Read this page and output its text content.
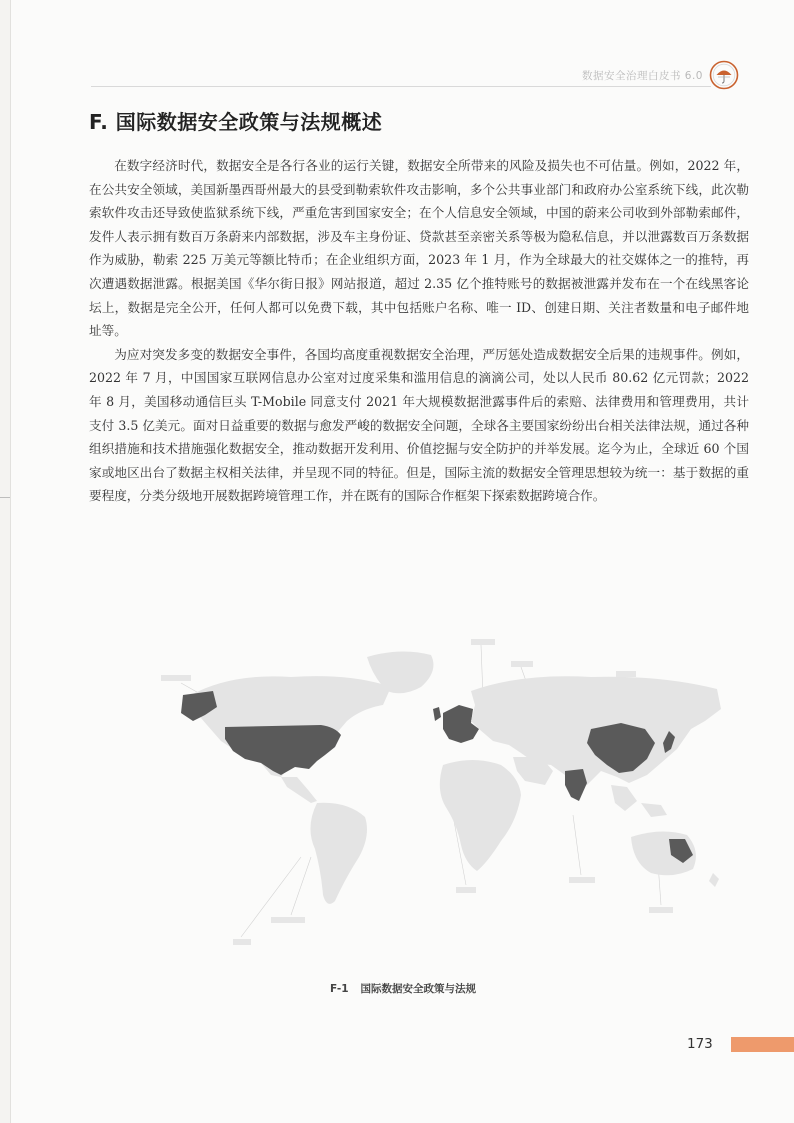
数据安全治理白皮书 6.0
F. 国际数据安全政策与法规概述

在数字经济时代，数据安全是各行各业的运行关键，数据安全所带来的风险及损失也不可估量。例如，2022 年，在公共安全领域，美国新墨西哥州最大的县受到勒索软件攻击影响，多个公共事业部门和政府办公室系统下线，此次勒索软件攻击还导致使监狱系统下线，严重危害到国家安全；在个人信息安全领域，中国的蔚来公司收到外部勒索邮件，发件人表示拥有数百万条蔚来内部数据，涉及车主身份证、贷款甚至亲密关系等极为隐私信息，并以泄露数百万条数据作为威胁，勒索 225 万美元等额比特币；在企业组织方面，2023 年 1 月，作为全球最大的社交媒体之一的推特，再次遭遇数据泄露。根据美国《华尔街日报》网站报道，超过 2.35 亿个推特账号的数据被泄露并发布在一个在线黑客论坛上，数据是完全公开，任何人都可以免费下载，其中包括账户名称、唯一 ID、创建日期、关注者数量和电子邮件地址等。

为应对突发多变的数据安全事件，各国均高度重视数据安全治理，严厉惩处造成数据安全后果的违规事件。例如，2022 年 7 月，中国国家互联网信息办公室对过度采集和滥用信息的滴滴公司，处以人民币 80.62 亿元罚款；2022 年 8 月，美国移动通信巨头 T-Mobile 同意支付 2021 年大规模数据泄露事件后的索赔、法律费用和管理费用，共计支付 3.5 亿美元。面对日益重要的数据与愈发严峻的数据安全问题，全球各主要国家纷纷出台相关法律法规，通过各种组织措施和技术措施强化数据安全，推动数据开发利用、价值挖掘与安全防护的并举发展。迄今为止，全球近 60 个国家或地区出台了数据主权相关法律，并呈现不同的特征。但是，国际主流的数据安全管理思想较为统一：基于数据的重要程度，分类分级地开展数据跨境管理工作，并在既有的国际合作框架下探索数据跨境合作。

F-1 国际数据安全政策与法规
173
